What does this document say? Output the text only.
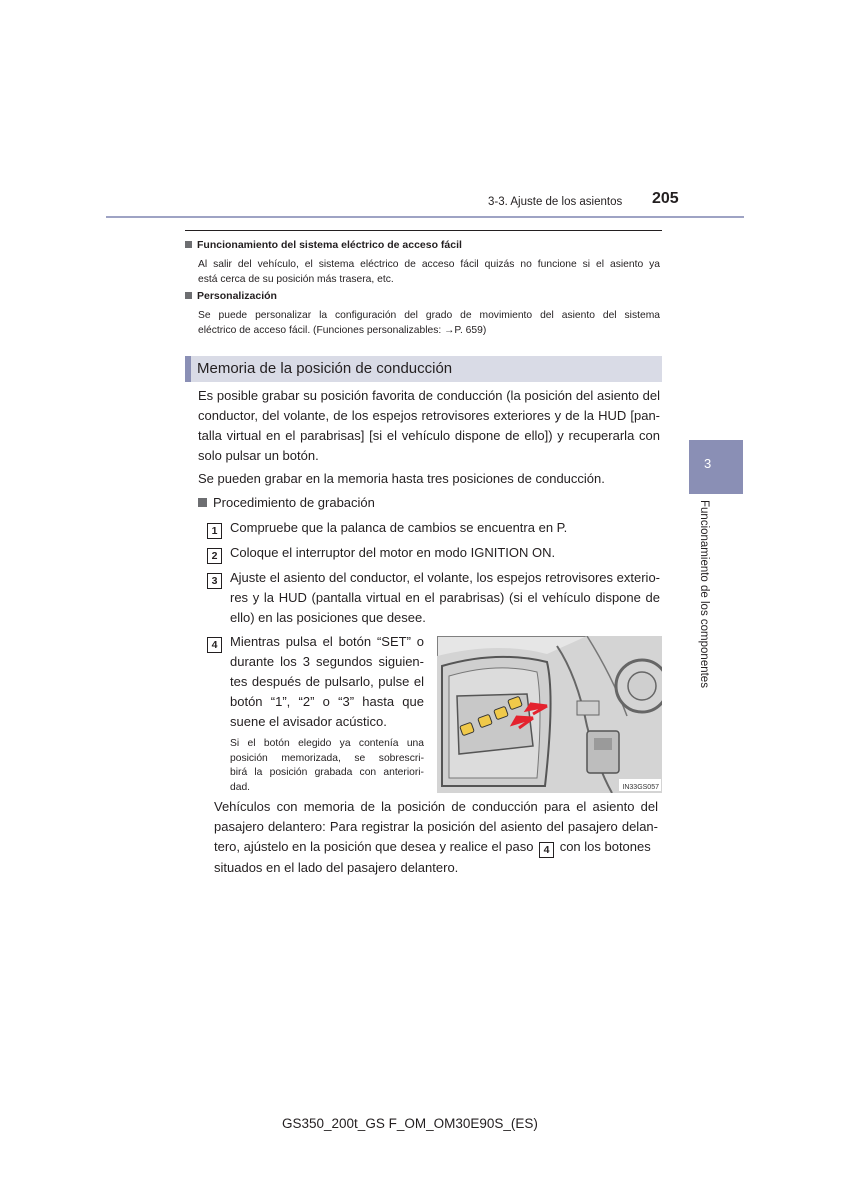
3-3. Ajuste de los asientos 205
Funcionamiento del sistema eléctrico de acceso fácil
Al salir del vehículo, el sistema eléctrico de acceso fácil quizás no funcione si el asiento ya
está cerca de su posición más trasera, etc.
Personalización
Se puede personalizar la configuración del grado de movimiento del asiento del sistema
eléctrico de acceso fácil. (Funciones personalizables: →P. 659)
Memoria de la posición de conducción
Es posible grabar su posición favorita de conducción (la posición del asiento del
conductor, del volante, de los espejos retrovisores exteriores y de la HUD [pan-
talla virtual en el parabrisas] [si el vehículo dispone de ello]) y recuperarla con
solo pulsar un botón.
Se pueden grabar en la memoria hasta tres posiciones de conducción.
Procedimiento de grabación
1 Compruebe que la palanca de cambios se encuentra en P.
2 Coloque el interruptor del motor en modo IGNITION ON.
3 Ajuste el asiento del conductor, el volante, los espejos retrovisores exterio-
res y la HUD (pantalla virtual en el parabrisas) (si el vehículo dispone de
ello) en las posiciones que desee.
4 Mientras pulsa el botón “SET” o
durante los 3 segundos siguien-
tes después de pulsarlo, pulse el
botón “1”, “2” o “3” hasta que
suene el avisador acústico.
Si el botón elegido ya contenía una
posición memorizada, se sobrescri-
birá la posición grabada con anteriori-
dad.	IN33GS057
Vehículos con memoria de la posición de conducción para el asiento del
pasajero delantero: Para registrar la posición del asiento del pasajero delan-
tero, ajústelo en la posición que desea y realice el paso 4 con los botones
situados en el lado del pasajero delantero.
3
Funcionamiento de los componentes
GS350_200t_GS F_OM_OM30E90S_(ES)
